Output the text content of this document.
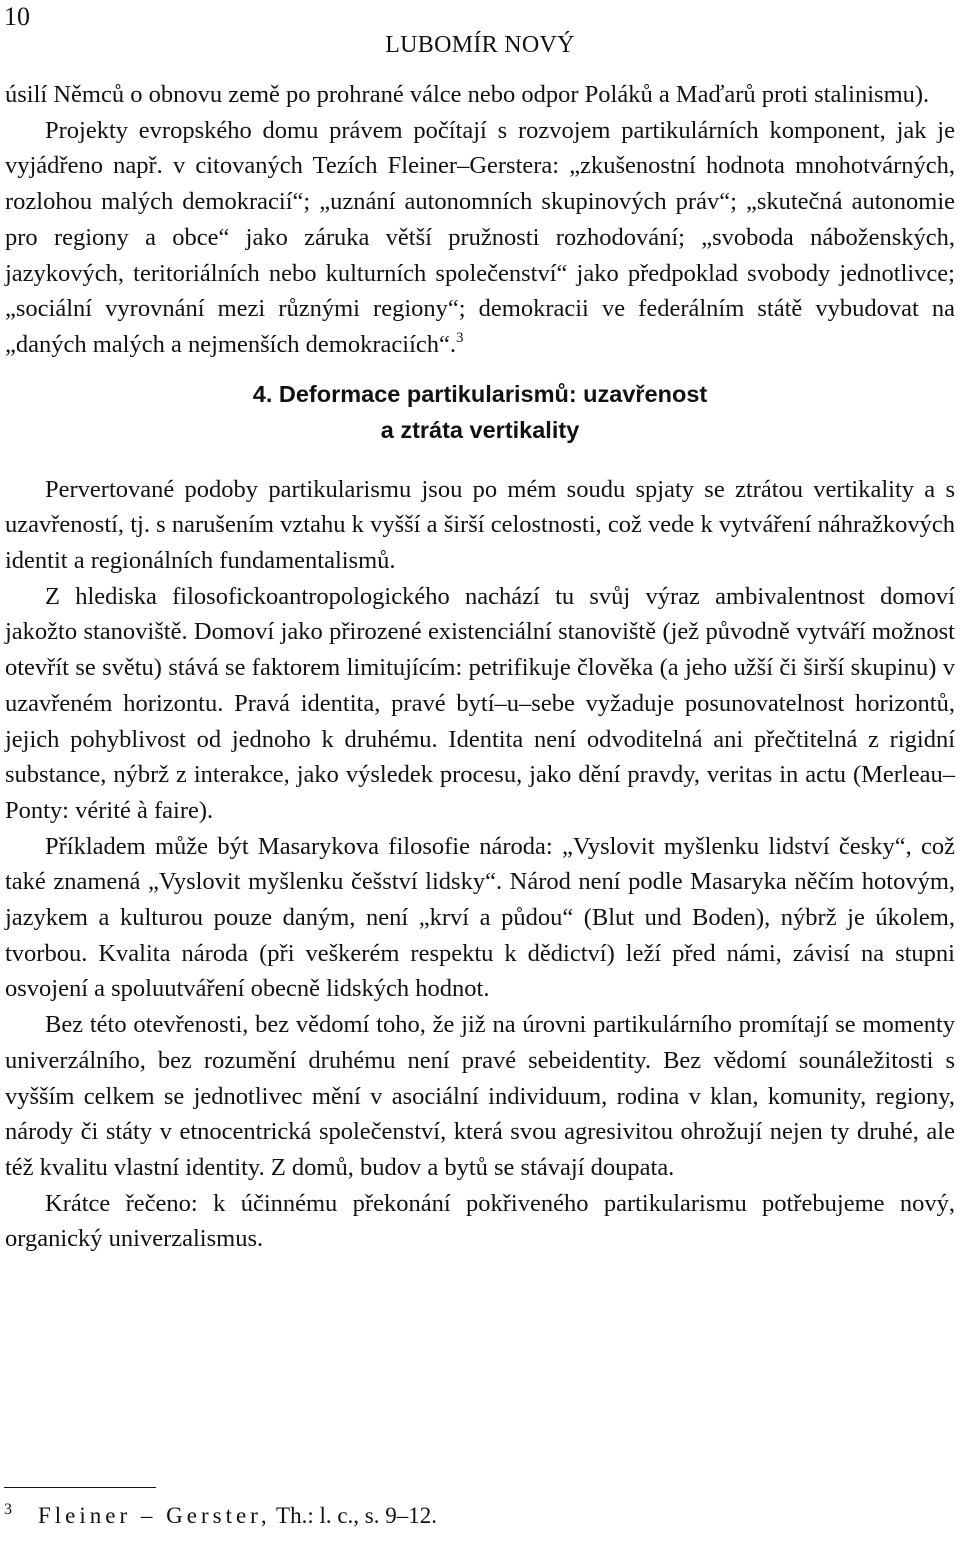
10
LUBOMÍR NOVÝ

úsilí Němců o obnovu země po prohrané válce nebo odpor Poláků a Maďarů proti stalinismu).

Projekty evropského domu právem počítají s rozvojem partikulárních komponent, jak je vyjádřeno např. v citovaných Tezích Fleiner–Gerstera: „zkušenostní hodnota mnohotvárných, rozlohou malých demokracií“; „uznání autonomních skupinových práv“; „skutečná autonomie pro regiony a obce“ jako záruka větší pružnosti rozhodování; „svoboda náboženských, jazykových, teritoriálních nebo kulturních společenství“ jako předpoklad svobody jednotlivce; „sociální vyrovnání mezi různými regiony“; demokracii ve federálním státě vybudovat na „daných malých a nejmenších demokraciích“.$^3$

4. Deformace partikularismů: uzavřenost
a ztráta vertikality

Pervertované podoby partikularismu jsou po mém soudu spjaty se ztrátou vertikality a s uzavřeností, tj. s narušením vztahu k vyšší a širší celostnosti, což vede k vytváření náhražkových identit a regionálních fundamentalismů.

Z hlediska filosofickoantropologického nachází tu svůj výraz ambivalentnost domoví jakožto stanoviště. Domoví jako přirozené existenciální stanoviště (jež původně vytváří možnost otevřít se světu) stává se faktorem limitujícím: petrifikuje člověka (a jeho užší či širší skupinu) v uzavřeném horizontu. Pravá identita, pravé bytí–u–sebe vyžaduje posunovatelnost horizontů, jejich pohyblivost od jednoho k druhému. Identita není odvoditelná ani přečtitelná z rigidní substance, nýbrž z interakce, jako výsledek procesu, jako dění pravdy, veritas in actu (Merleau–Ponty: vérité à faire).

Příkladem může být Masarykova filosofie národa: „Vyslovit myšlenku lidství česky“, což také znamená „Vyslovit myšlenku češství lidsky“. Národ není podle Masaryka něčím hotovým, jazykem a kulturou pouze daným, není „krví a půdou“ (Blut und Boden), nýbrž je úkolem, tvorbou. Kvalita národa (při veškerém respektu k dědictví) leží před námi, závisí na stupni osvojení a spoluutváření obecně lidských hodnot.

Bez této otevřenosti, bez vědomí toho, že již na úrovni partikulárního promítají se momenty univerzálního, bez rozumění druhému není pravé sebeidentity. Bez vědomí sounáležitosti s vyšším celkem se jednotlivec mění v asociální individuum, rodina v klan, komunity, regiony, národy či státy v etnocentrická společenství, která svou agresivitou ohrožují nejen ty druhé, ale též kvalitu vlastní identity. Z domů, budov a bytů se stávají doupata.

Krátce řečeno: k účinnému překonání pokřiveného partikularismu potřebujeme nový, organický univerzalismus.

$^3$ Fleiner – Gerster, Th.: l. c., s. 9–12.
